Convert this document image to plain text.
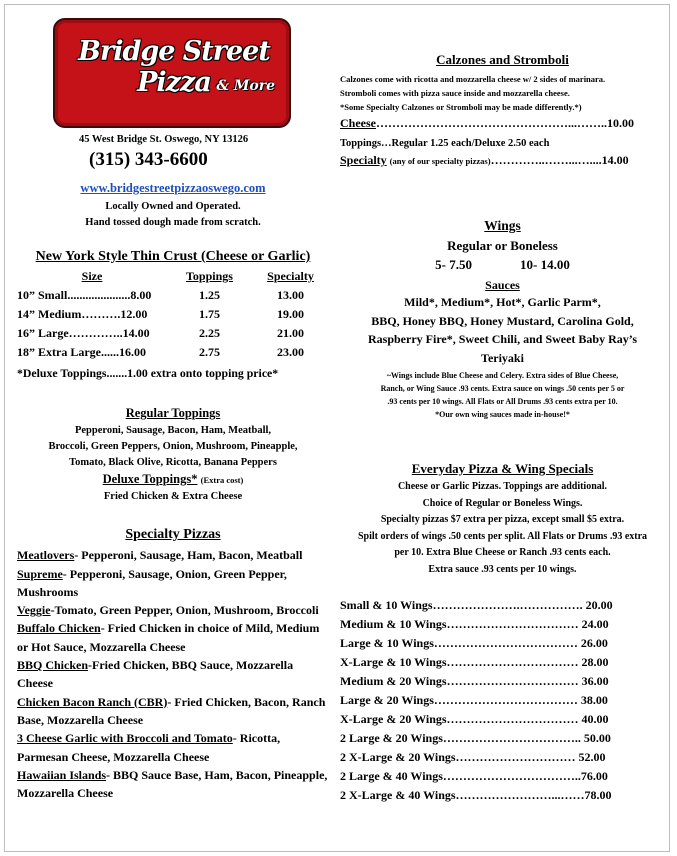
Bridge Street Pizza & More
45 West Bridge St. Oswego, NY 13126
(315) 343-6600
www.bridgestreetpizzaoswego.com
Locally Owned and Operated.
Hand tossed dough made from scratch.
New York Style Thin Crust (Cheese or Garlic)
Size	Toppings	Specialty
10” Small.....................8.00	1.25	13.00
14” Medium……….12.00	1.75	19.00
16” Large…………..14.00	2.25	21.00
18” Extra Large......16.00	2.75	23.00
*Deluxe Toppings.......1.00 extra onto topping price*
Regular Toppings
Pepperoni, Sausage, Bacon, Ham, Meatball,
Broccoli, Green Peppers, Onion, Mushroom, Pineapple,
Tomato, Black Olive, Ricotta, Banana Peppers
Deluxe Toppings* (Extra cost)
Fried Chicken & Extra Cheese
Specialty Pizzas
Meatlovers- Pepperoni, Sausage, Ham, Bacon, Meatball
Supreme- Pepperoni, Sausage, Onion, Green Pepper, Mushrooms
Veggie-Tomato, Green Pepper, Onion, Mushroom, Broccoli
Buffalo Chicken- Fried Chicken in choice of Mild, Medium or Hot Sauce, Mozzarella Cheese
BBQ Chicken-Fried Chicken, BBQ Sauce, Mozzarella Cheese
Chicken Bacon Ranch (CBR)- Fried Chicken, Bacon, Ranch Base, Mozzarella Cheese
3 Cheese Garlic with Broccoli and Tomato- Ricotta, Parmesan Cheese, Mozzarella Cheese
Hawaiian Islands- BBQ Sauce Base, Ham, Bacon, Pineapple, Mozzarella Cheese
Calzones and Stromboli
Calzones come with ricotta and mozzarella cheese w/ 2 sides of marinara.
Stromboli comes with pizza sauce inside and mozzarella cheese.
*Some Specialty Calzones or Stromboli may be made differently.*)
Cheese…………………………………………...……..10.00
Toppings…Regular 1.25 each/Deluxe 2.50 each
Specialty (any of our specialty pizzas)…………..……...…....14.00
Wings
Regular or Boneless
5- 7.50	10- 14.00
Sauces
Mild*, Medium*, Hot*, Garlic Parm*,
BBQ, Honey BBQ, Honey Mustard, Carolina Gold,
Raspberry Fire*, Sweet Chili, and Sweet Baby Ray’s
Teriyaki
~Wings include Blue Cheese and Celery. Extra sides of Blue Cheese,
Ranch, or Wing Sauce .93 cents. Extra sauce on wings .50 cents per 5 or
.93 cents per 10 wings. All Flats or All Drums .93 cents extra per 10.
*Our own wing sauces made in-house!*
Everyday Pizza & Wing Specials
Cheese or Garlic Pizzas. Toppings are additional.
Choice of Regular or Boneless Wings.
Specialty pizzas $7 extra per pizza, except small $5 extra.
Spilt orders of wings .50 cents per split. All Flats or Drums .93 extra
per 10. Extra Blue Cheese or Ranch .93 cents each.
Extra sauce .93 cents per 10 wings.
Small & 10 Wings………………….……………. 20.00
Medium & 10 Wings…………………………… 24.00
Large & 10 Wings……………………………… 26.00
X-Large & 10 Wings…………………………… 28.00
Medium & 20 Wings…………………………… 36.00
Large & 20 Wings……………………………… 38.00
X-Large & 20 Wings…………………………… 40.00
2 Large & 20 Wings…………………………….. 50.00
2 X-Large & 20 Wings………………………… 52.00
2 Large & 40 Wings……………………………..76.00
2 X-Large & 40 Wings……………………...……78.00
